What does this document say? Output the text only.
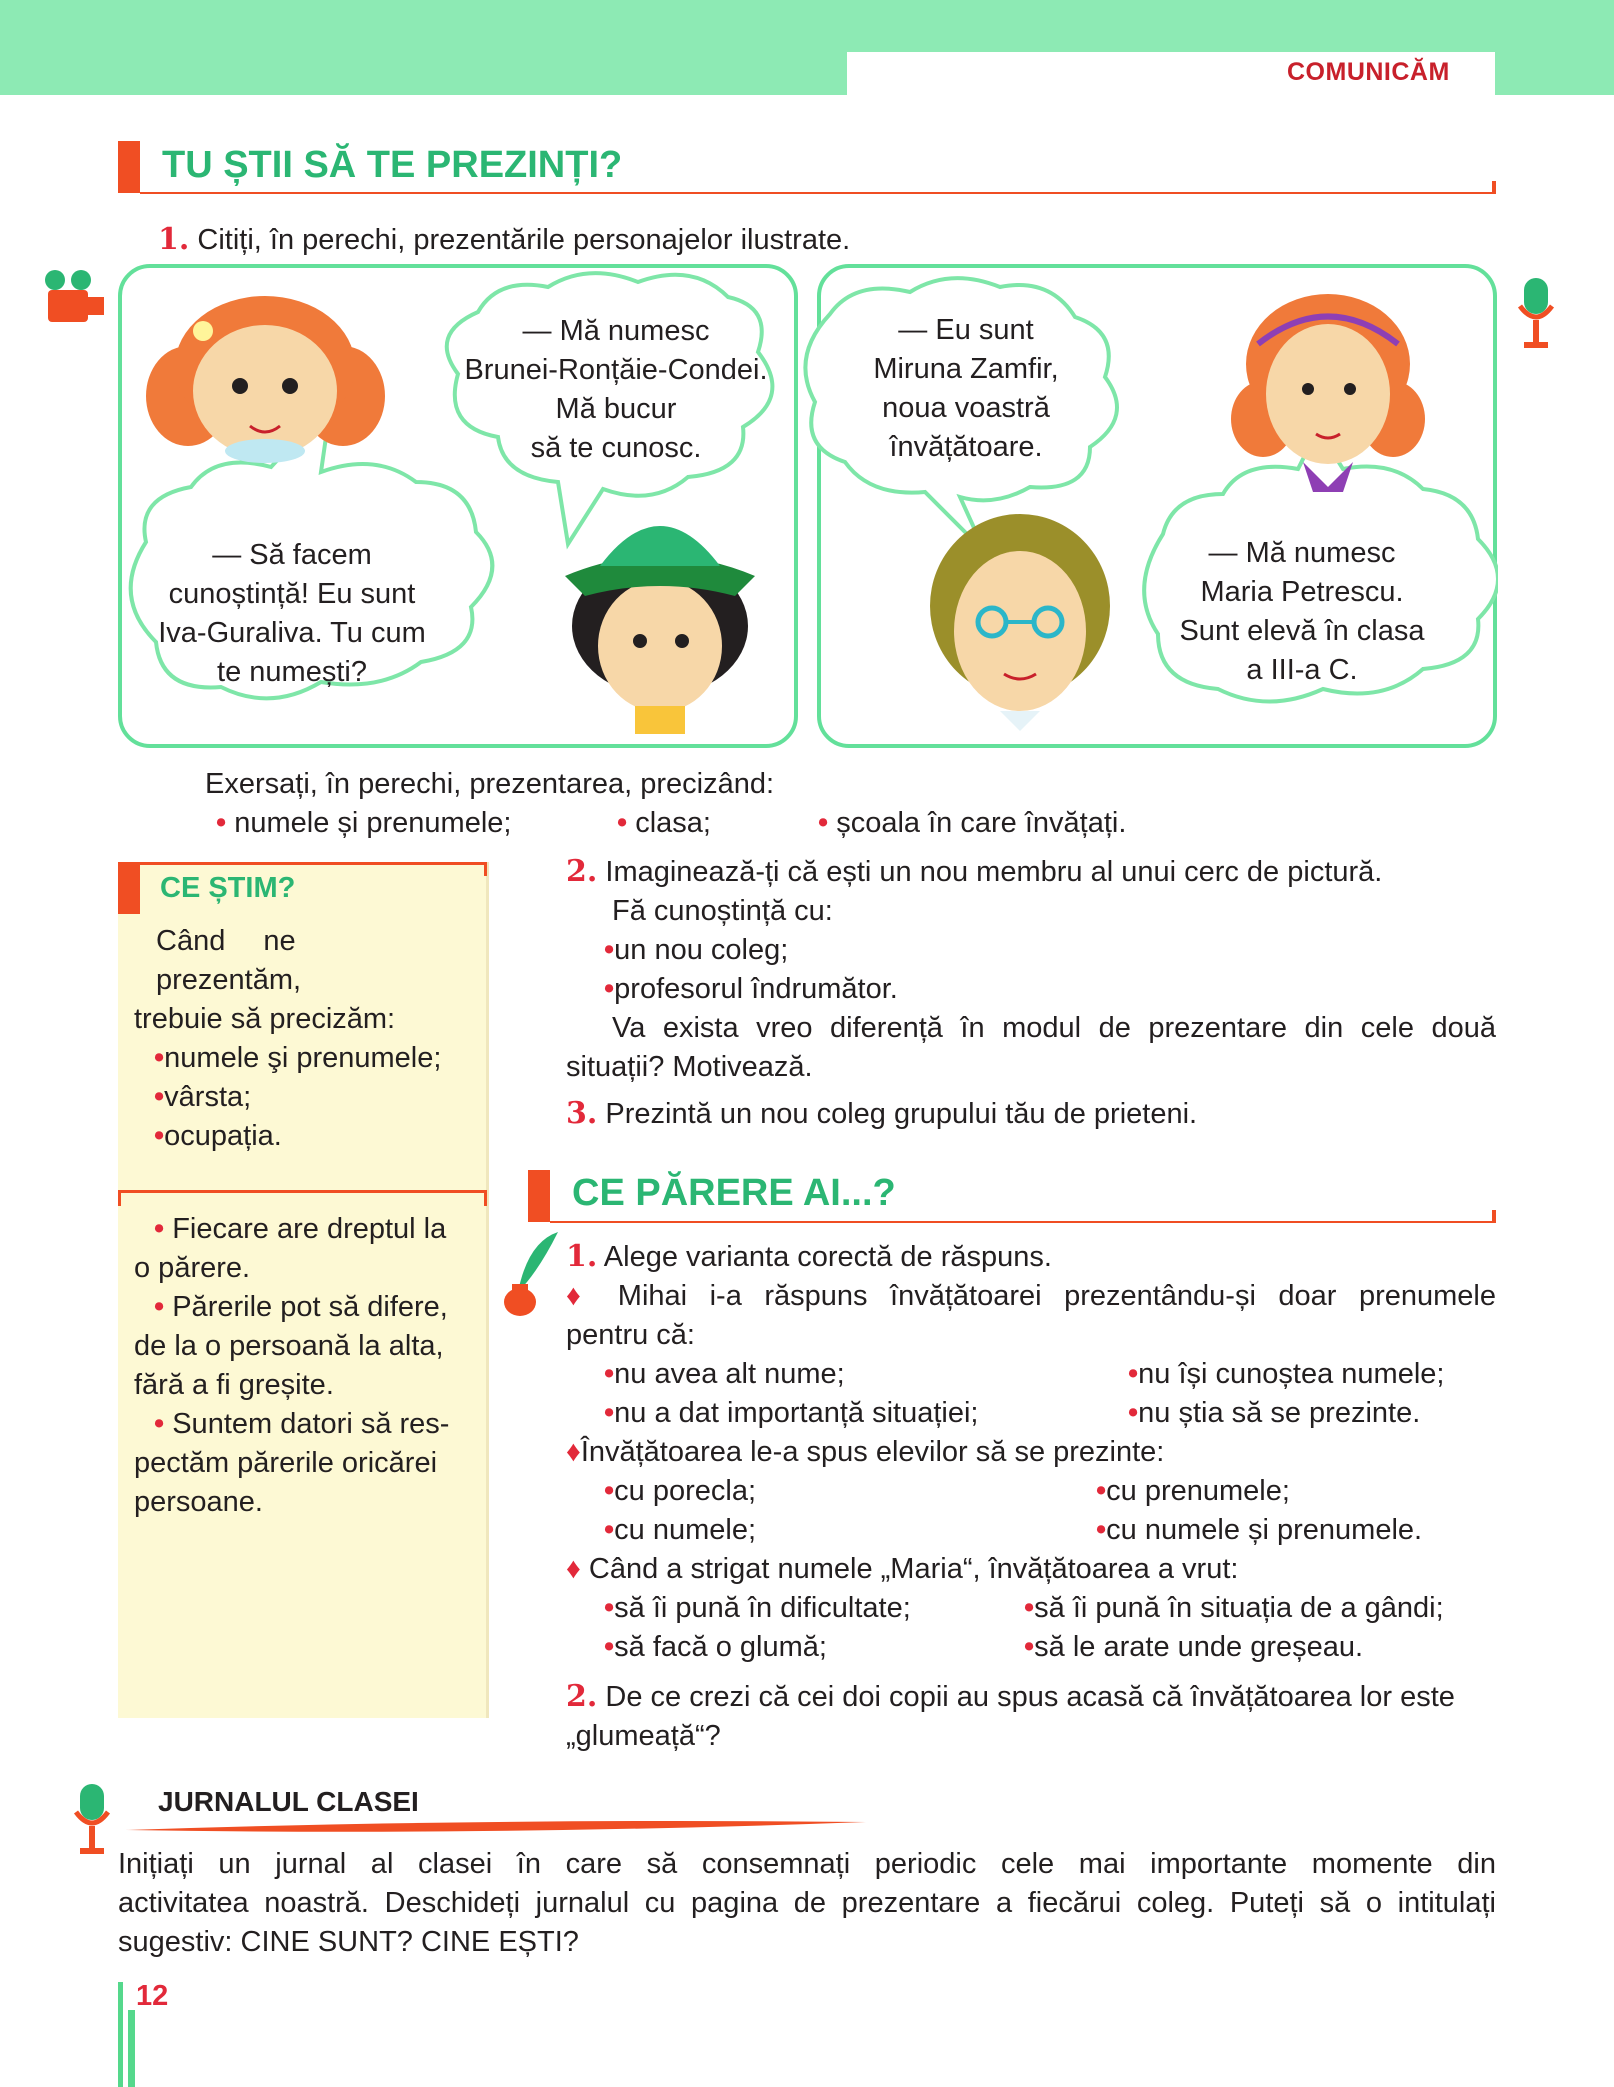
COMUNICĂM
TU ȘTII SĂ TE PREZINȚI?
1. Citiți, în perechi, prezentările personajelor ilustrate.
— Mă numesc
Brunei-Ronțăie-Condei.
Mă bucur
să te cunosc.
— Să facem
cunoștință! Eu sunt
Iva-Guraliva. Tu cum
te numești?
— Eu sunt
Miruna Zamfir,
noua voastră
învățătoare.
— Mă numesc
Maria Petrescu.
Sunt elevă în clasa
a III-a C.
Exersați, în perechi, prezentarea, precizând:
• numele și prenumele;	• clasa;	• școala în care învățați.
CE ȘTIM?
Când ne prezentăm,
trebuie să precizăm:
•numele şi prenumele;
•vârsta;
•ocupația.
• Fiecare are dreptul la
o părere.
• Părerile pot să difere,
de la o persoană la alta,
fără a fi greșite.
• Suntem datori să res-
pectăm părerile oricărei
persoane.
2. Imaginează-ți că ești un nou membru al unui cerc de pictură.
Fă cunoștință cu:
•un nou coleg;
•profesorul îndrumător.
Va exista vreo diferență în modul de prezentare din cele două
situații? Motivează.
3. Prezintă un nou coleg grupului tău de prieteni.
CE PĂRERE AI...?
1. Alege varianta corectă de răspuns.
♦ Mihai i-a răspuns învățătoarei prezentându-și doar prenumele
pentru că:
•nu avea alt nume;	•nu își cunoștea numele;
•nu a dat importanță situației;	•nu știa să se prezinte.
♦Învățătoarea le-a spus elevilor să se prezinte:
•cu porecla;	•cu prenumele;
•cu numele;	•cu numele și prenumele.
♦ Când a strigat numele „Maria“, învățătoarea a vrut:
•să îi pună în dificultate;	•să îi pună în situația de a gândi;
•să facă o glumă;	•să le arate unde greșeau.
2. De ce crezi că cei doi copii au spus acasă că învățătoarea lor este
„glumeață“?
JURNALUL CLASEI
Inițiați un jurnal al clasei în care să consemnați periodic cele mai importante momente din
activitatea noastră. Deschideți jurnalul cu pagina de prezentare a fiecărui coleg. Puteți să o intitulați
sugestiv: CINE SUNT? CINE EȘTI?
12
